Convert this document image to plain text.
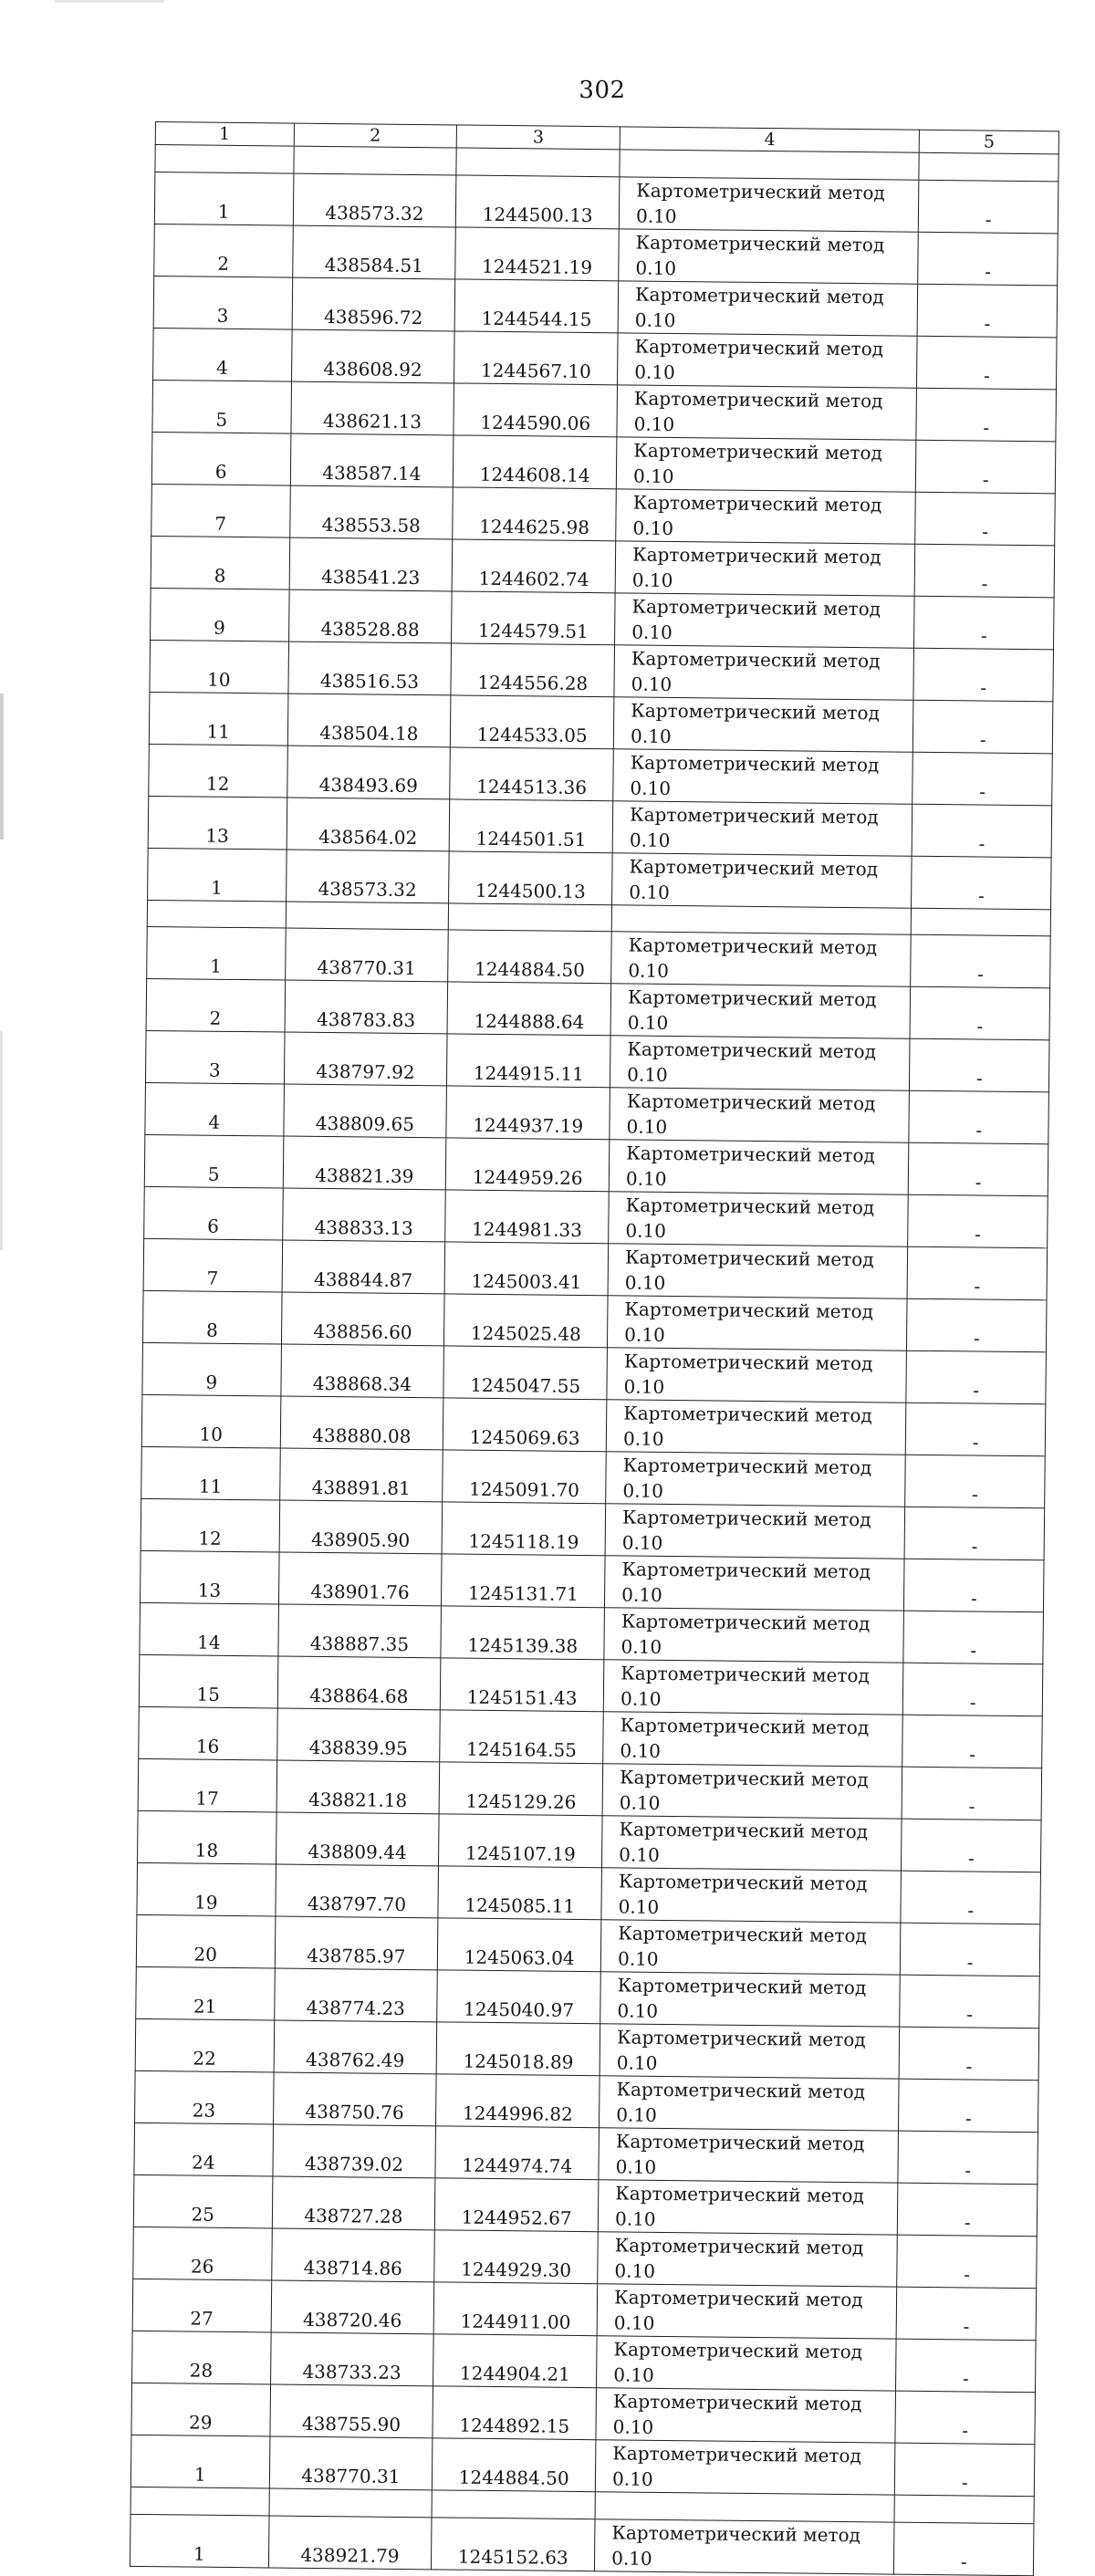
302
1	2	3	4	5

1	438573.32	1244500.13	Картометрический метод 0.10	-
2	438584.51	1244521.19	Картометрический метод 0.10	-
3	438596.72	1244544.15	Картометрический метод 0.10	-
4	438608.92	1244567.10	Картометрический метод 0.10	-
5	438621.13	1244590.06	Картометрический метод 0.10	-
6	438587.14	1244608.14	Картометрический метод 0.10	-
7	438553.58	1244625.98	Картометрический метод 0.10	-
8	438541.23	1244602.74	Картометрический метод 0.10	-
9	438528.88	1244579.51	Картометрический метод 0.10	-
10	438516.53	1244556.28	Картометрический метод 0.10	-
11	438504.18	1244533.05	Картометрический метод 0.10	-
12	438493.69	1244513.36	Картометрический метод 0.10	-
13	438564.02	1244501.51	Картометрический метод 0.10	-
1	438573.32	1244500.13	Картометрический метод 0.10	-

1	438770.31	1244884.50	Картометрический метод 0.10	-
2	438783.83	1244888.64	Картометрический метод 0.10	-
3	438797.92	1244915.11	Картометрический метод 0.10	-
4	438809.65	1244937.19	Картометрический метод 0.10	-
5	438821.39	1244959.26	Картометрический метод 0.10	-
6	438833.13	1244981.33	Картометрический метод 0.10	-
7	438844.87	1245003.41	Картометрический метод 0.10	-
8	438856.60	1245025.48	Картометрический метод 0.10	-
9	438868.34	1245047.55	Картометрический метод 0.10	-
10	438880.08	1245069.63	Картометрический метод 0.10	-
11	438891.81	1245091.70	Картометрический метод 0.10	-
12	438905.90	1245118.19	Картометрический метод 0.10	-
13	438901.76	1245131.71	Картометрический метод 0.10	-
14	438887.35	1245139.38	Картометрический метод 0.10	-
15	438864.68	1245151.43	Картометрический метод 0.10	-
16	438839.95	1245164.55	Картометрический метод 0.10	-
17	438821.18	1245129.26	Картометрический метод 0.10	-
18	438809.44	1245107.19	Картометрический метод 0.10	-
19	438797.70	1245085.11	Картометрический метод 0.10	-
20	438785.97	1245063.04	Картометрический метод 0.10	-
21	438774.23	1245040.97	Картометрический метод 0.10	-
22	438762.49	1245018.89	Картометрический метод 0.10	-
23	438750.76	1244996.82	Картометрический метод 0.10	-
24	438739.02	1244974.74	Картометрический метод 0.10	-
25	438727.28	1244952.67	Картометрический метод 0.10	-
26	438714.86	1244929.30	Картометрический метод 0.10	-
27	438720.46	1244911.00	Картометрический метод 0.10	-
28	438733.23	1244904.21	Картометрический метод 0.10	-
29	438755.90	1244892.15	Картометрический метод 0.10	-
1	438770.31	1244884.50	Картометрический метод 0.10	-

1	438921.79	1245152.63	Картометрический метод 0.10	-
